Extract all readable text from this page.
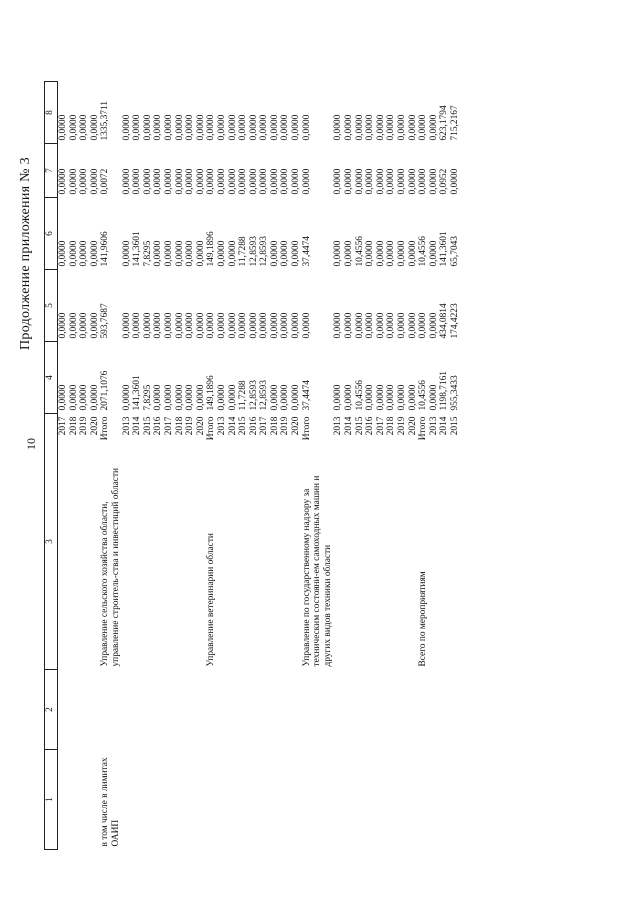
10
Продолжение приложения № 3
1	2	3		4	5	6	7	8
			2017	0,0000	0,0000	0,0000	0,0000	0,0000
			2018	0,0000	0,0000	0,0000	0,0000	0,0000
			2019	0,0000	0,0000	0,0000	0,0000	0,0000
			2020	0,0000	0,0000	0,0000	0,0000	0,0000
в том числе в лимитах ОАИП		Управление сельского хозяйства области, управление строитель-ства и инвестиций области	Итого	2071,1076	593,7687	141,9606	0,0072	1335,3711
			2013	0,0000	0,0000	0,0000	0,0000	0,0000
			2014	141,3601	0,0000	141,3601	0,0000	0,0000
			2015	7,8295	0,0000	7,8295	0,0000	0,0000
			2016	0,0000	0,0000	0,0000	0,0000	0,0000
			2017	0,0000	0,0000	0,0000	0,0000	0,0000
			2018	0,0000	0,0000	0,0000	0,0000	0,0000
			2019	0,0000	0,0000	0,0000	0,0000	0,0000
			2020	0,0000	0,0000	0,0000	0,0000	0,0000
		Управление ветеринарии области	Итого	149,1896	0,0000	149,1896	0,0000	0,0000
			2013	0,0000	0,0000	0,0000	0,0000	0,0000
			2014	0,0000	0,0000	0,0000	0,0000	0,0000
			2015	11,7288	0,0000	11,7288	0,0000	0,0000
			2016	12,8593	0,0000	12,8593	0,0000	0,0000
			2017	12,8593	0,0000	12,8593	0,0000	0,0000
			2018	0,0000	0,0000	0,0000	0,0000	0,0000
			2019	0,0000	0,0000	0,0000	0,0000	0,0000
			2020	0,0000	0,0000	0,0000	0,0000	0,0000
		Управление по государственному надзору за техническим состояни-ем самоходных машин и других видов техники области	Итого	37,4474	0,0000	37,4474	0,0000	0,0000
			2013	0,0000	0,0000	0,0000	0,0000	0,0000
			2014	0,0000	0,0000	0,0000	0,0000	0,0000
			2015	10,4556	0,0000	10,4556	0,0000	0,0000
			2016	0,0000	0,0000	0,0000	0,0000	0,0000
			2017	0,0000	0,0000	0,0000	0,0000	0,0000
			2018	0,0000	0,0000	0,0000	0,0000	0,0000
			2019	0,0000	0,0000	0,0000	0,0000	0,0000
			2020	0,0000	0,0000	0,0000	0,0000	0,0000
		Всего по мероприятиям	Итого	10,4556	0,0000	10,4556	0,0000	0,0000
			2013	0,0000	0,0000	0,0000	0,0000	0,0000
			2014	1198,7161	434,0814	141,3601	0,0952	623,1794
			2015	955,3433	174,4223	65,7043	0,0000	715,2167
